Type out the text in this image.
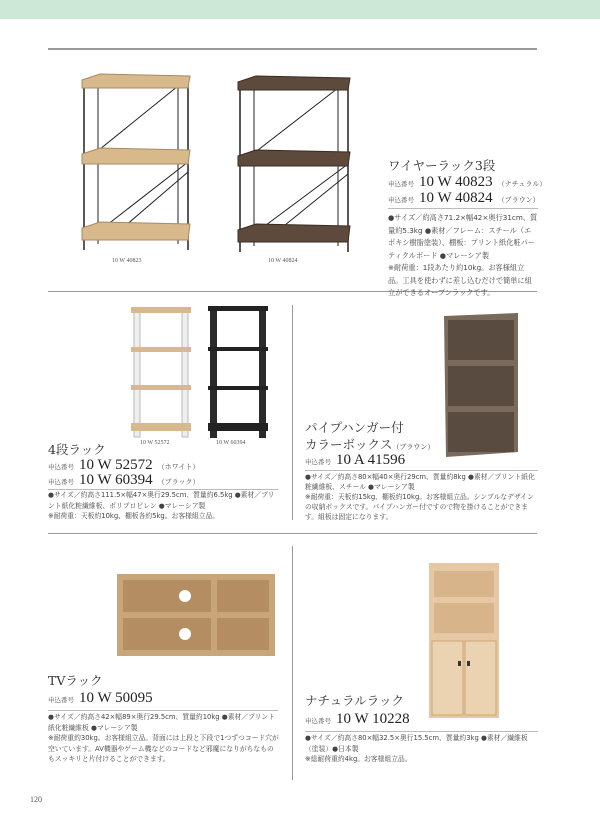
10 W 40823	10 W 40824
ワイヤーラック3段
申込番号 10 W 40823 （ナチュラル）
申込番号 10 W 40824 （ブラウン）
●サイズ／約高さ71.2×幅42×奥行31cm、質量約5.3kg ●素材／フレーム：スチール（エポキシ樹脂塗装）、棚板：プリント紙化粧パーティクルボード ●マレーシア製
※耐荷重：1段あたり約10kg。お客様組立品。工具を使わずに差し込むだけで簡単に組立ができるオープンラックです。
10 W 52572	10 W 60394
4段ラック
申込番号 10 W 52572 （ホワイト）
申込番号 10 W 60394 （ブラック）
●サイズ／約高さ111.5×幅47×奥行29.5cm、質量約6.5kg ●素材／プリント紙化粧繊維板、ポリプロピレン ●マレーシア製
※耐荷重：天板約10kg、棚板各約5kg。お客様組立品。
パイプハンガー付
カラーボックス（ブラウン）
申込番号 10 A 41596
●サイズ／約高さ80×幅40×奥行29cm、質量約8kg ●素材／プリント紙化粧繊維板、スチール ●マレーシア製
※耐荷重：天板約15kg、棚板約10kg。お客様組立品。シンプルなデザインの収納ボックスです。パイプハンガー付ですので物を掛けることができます。組板は固定になります。
TVラック
申込番号 10 W 50095
●サイズ／約高さ42×幅89×奥行29.5cm、質量約10kg ●素材／プリント紙化粧繊維板 ●マレーシア製
※耐荷重約30kg。お客様組立品。背面には上段と下段で1つずつコード穴が空いています。AV機器やゲーム機などのコードなど邪魔になりがちなものもスッキリと片付けることができます。
ナチュラルラック
申込番号 10 W 10228
●サイズ／約高さ80×幅32.5×奥行15.5cm、質量約3kg ●素材／繊維板（塗装）●日本製
※総耐荷重約4kg。お客様組立品。
120
